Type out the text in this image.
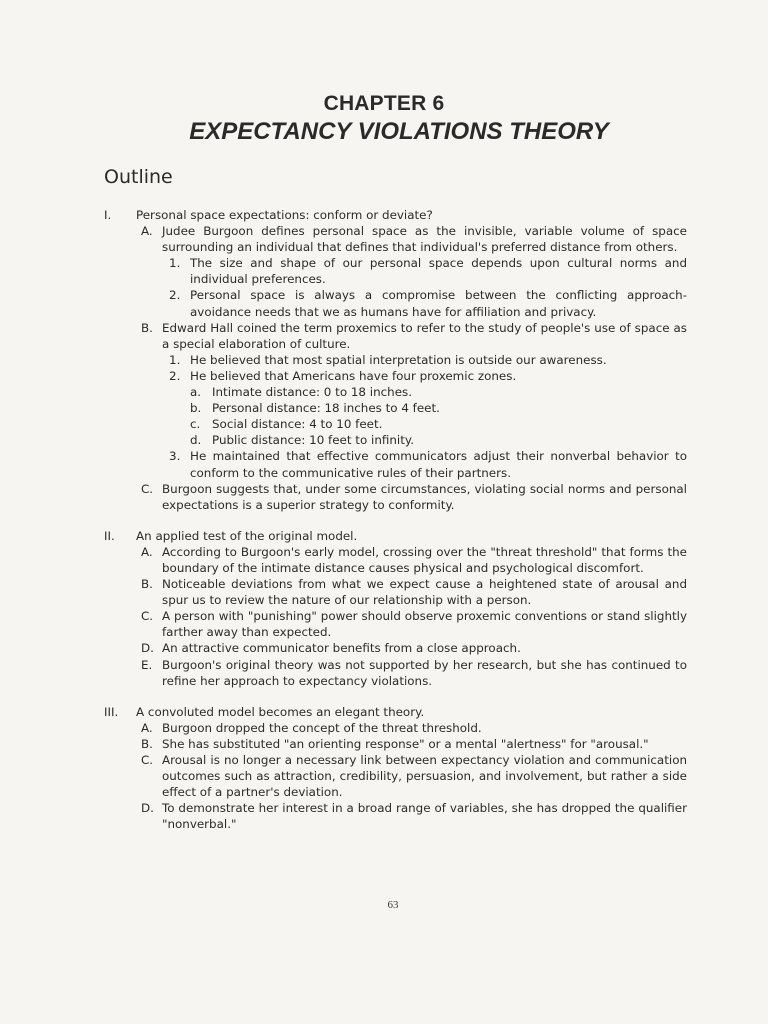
CHAPTER 6
EXPECTANCY VIOLATIONS THEORY
Outline
I. Personal space expectations: conform or deviate?
A. Judee Burgoon defines personal space as the invisible, variable volume of space surrounding an individual that defines that individual's preferred distance from others.
1. The size and shape of our personal space depends upon cultural norms and individual preferences.
2. Personal space is always a compromise between the conflicting approach-avoidance needs that we as humans have for affiliation and privacy.
B. Edward Hall coined the term proxemics to refer to the study of people's use of space as a special elaboration of culture.
1. He believed that most spatial interpretation is outside our awareness.
2. He believed that Americans have four proxemic zones.
a. Intimate distance: 0 to 18 inches.
b. Personal distance: 18 inches to 4 feet.
c. Social distance: 4 to 10 feet.
d. Public distance: 10 feet to infinity.
3. He maintained that effective communicators adjust their nonverbal behavior to conform to the communicative rules of their partners.
C. Burgoon suggests that, under some circumstances, violating social norms and personal expectations is a superior strategy to conformity.
II. An applied test of the original model.
A. According to Burgoon's early model, crossing over the "threat threshold" that forms the boundary of the intimate distance causes physical and psychological discomfort.
B. Noticeable deviations from what we expect cause a heightened state of arousal and spur us to review the nature of our relationship with a person.
C. A person with "punishing" power should observe proxemic conventions or stand slightly farther away than expected.
D. An attractive communicator benefits from a close approach.
E. Burgoon's original theory was not supported by her research, but she has continued to refine her approach to expectancy violations.
III. A convoluted model becomes an elegant theory.
A. Burgoon dropped the concept of the threat threshold.
B. She has substituted "an orienting response" or a mental "alertness" for "arousal."
C. Arousal is no longer a necessary link between expectancy violation and communication outcomes such as attraction, credibility, persuasion, and involvement, but rather a side effect of a partner's deviation.
D. To demonstrate her interest in a broad range of variables, she has dropped the qualifier "nonverbal."
63
